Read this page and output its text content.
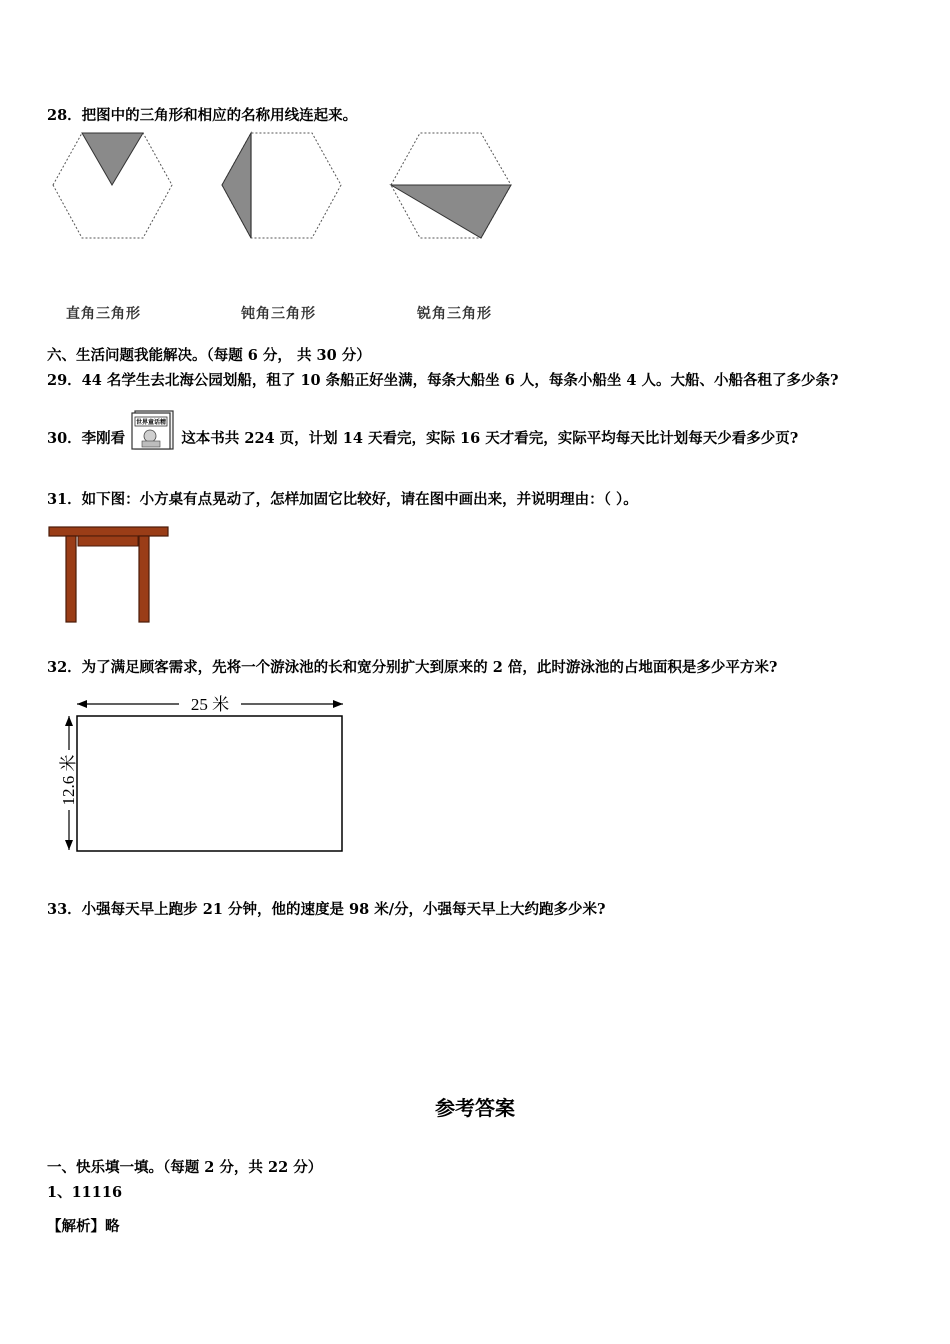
28．把图中的三角形和相应的名称用线连起来。
直角三角形	钝角三角形	锐角三角形
六、生活问题我能解决。（每题 6 分， 共 30 分）
29．44 名学生去北海公园划船，租了 10 条船正好坐满，每条大船坐 6 人，每条小船坐 4 人。大船、小船各租了多少条?
30．李刚看
世界童话精
这本书共 224 页，计划 14 天看完，实际 16 天才看完，实际平均每天比计划每天少看多少页?
31．如下图：小方桌有点晃动了，怎样加固它比较好，请在图中画出来，并说明理由：（ ）。
32．为了满足顾客需求，先将一个游泳池的长和宽分别扩大到原来的 2 倍，此时游泳池的占地面积是多少平方米?
25 米
12.6 米
33．小强每天早上跑步 21 分钟，他的速度是 98 米/分，小强每天早上大约跑多少米?
参考答案
一、快乐填一填。（每题 2 分，共 22 分）
1、11116
【解析】略
